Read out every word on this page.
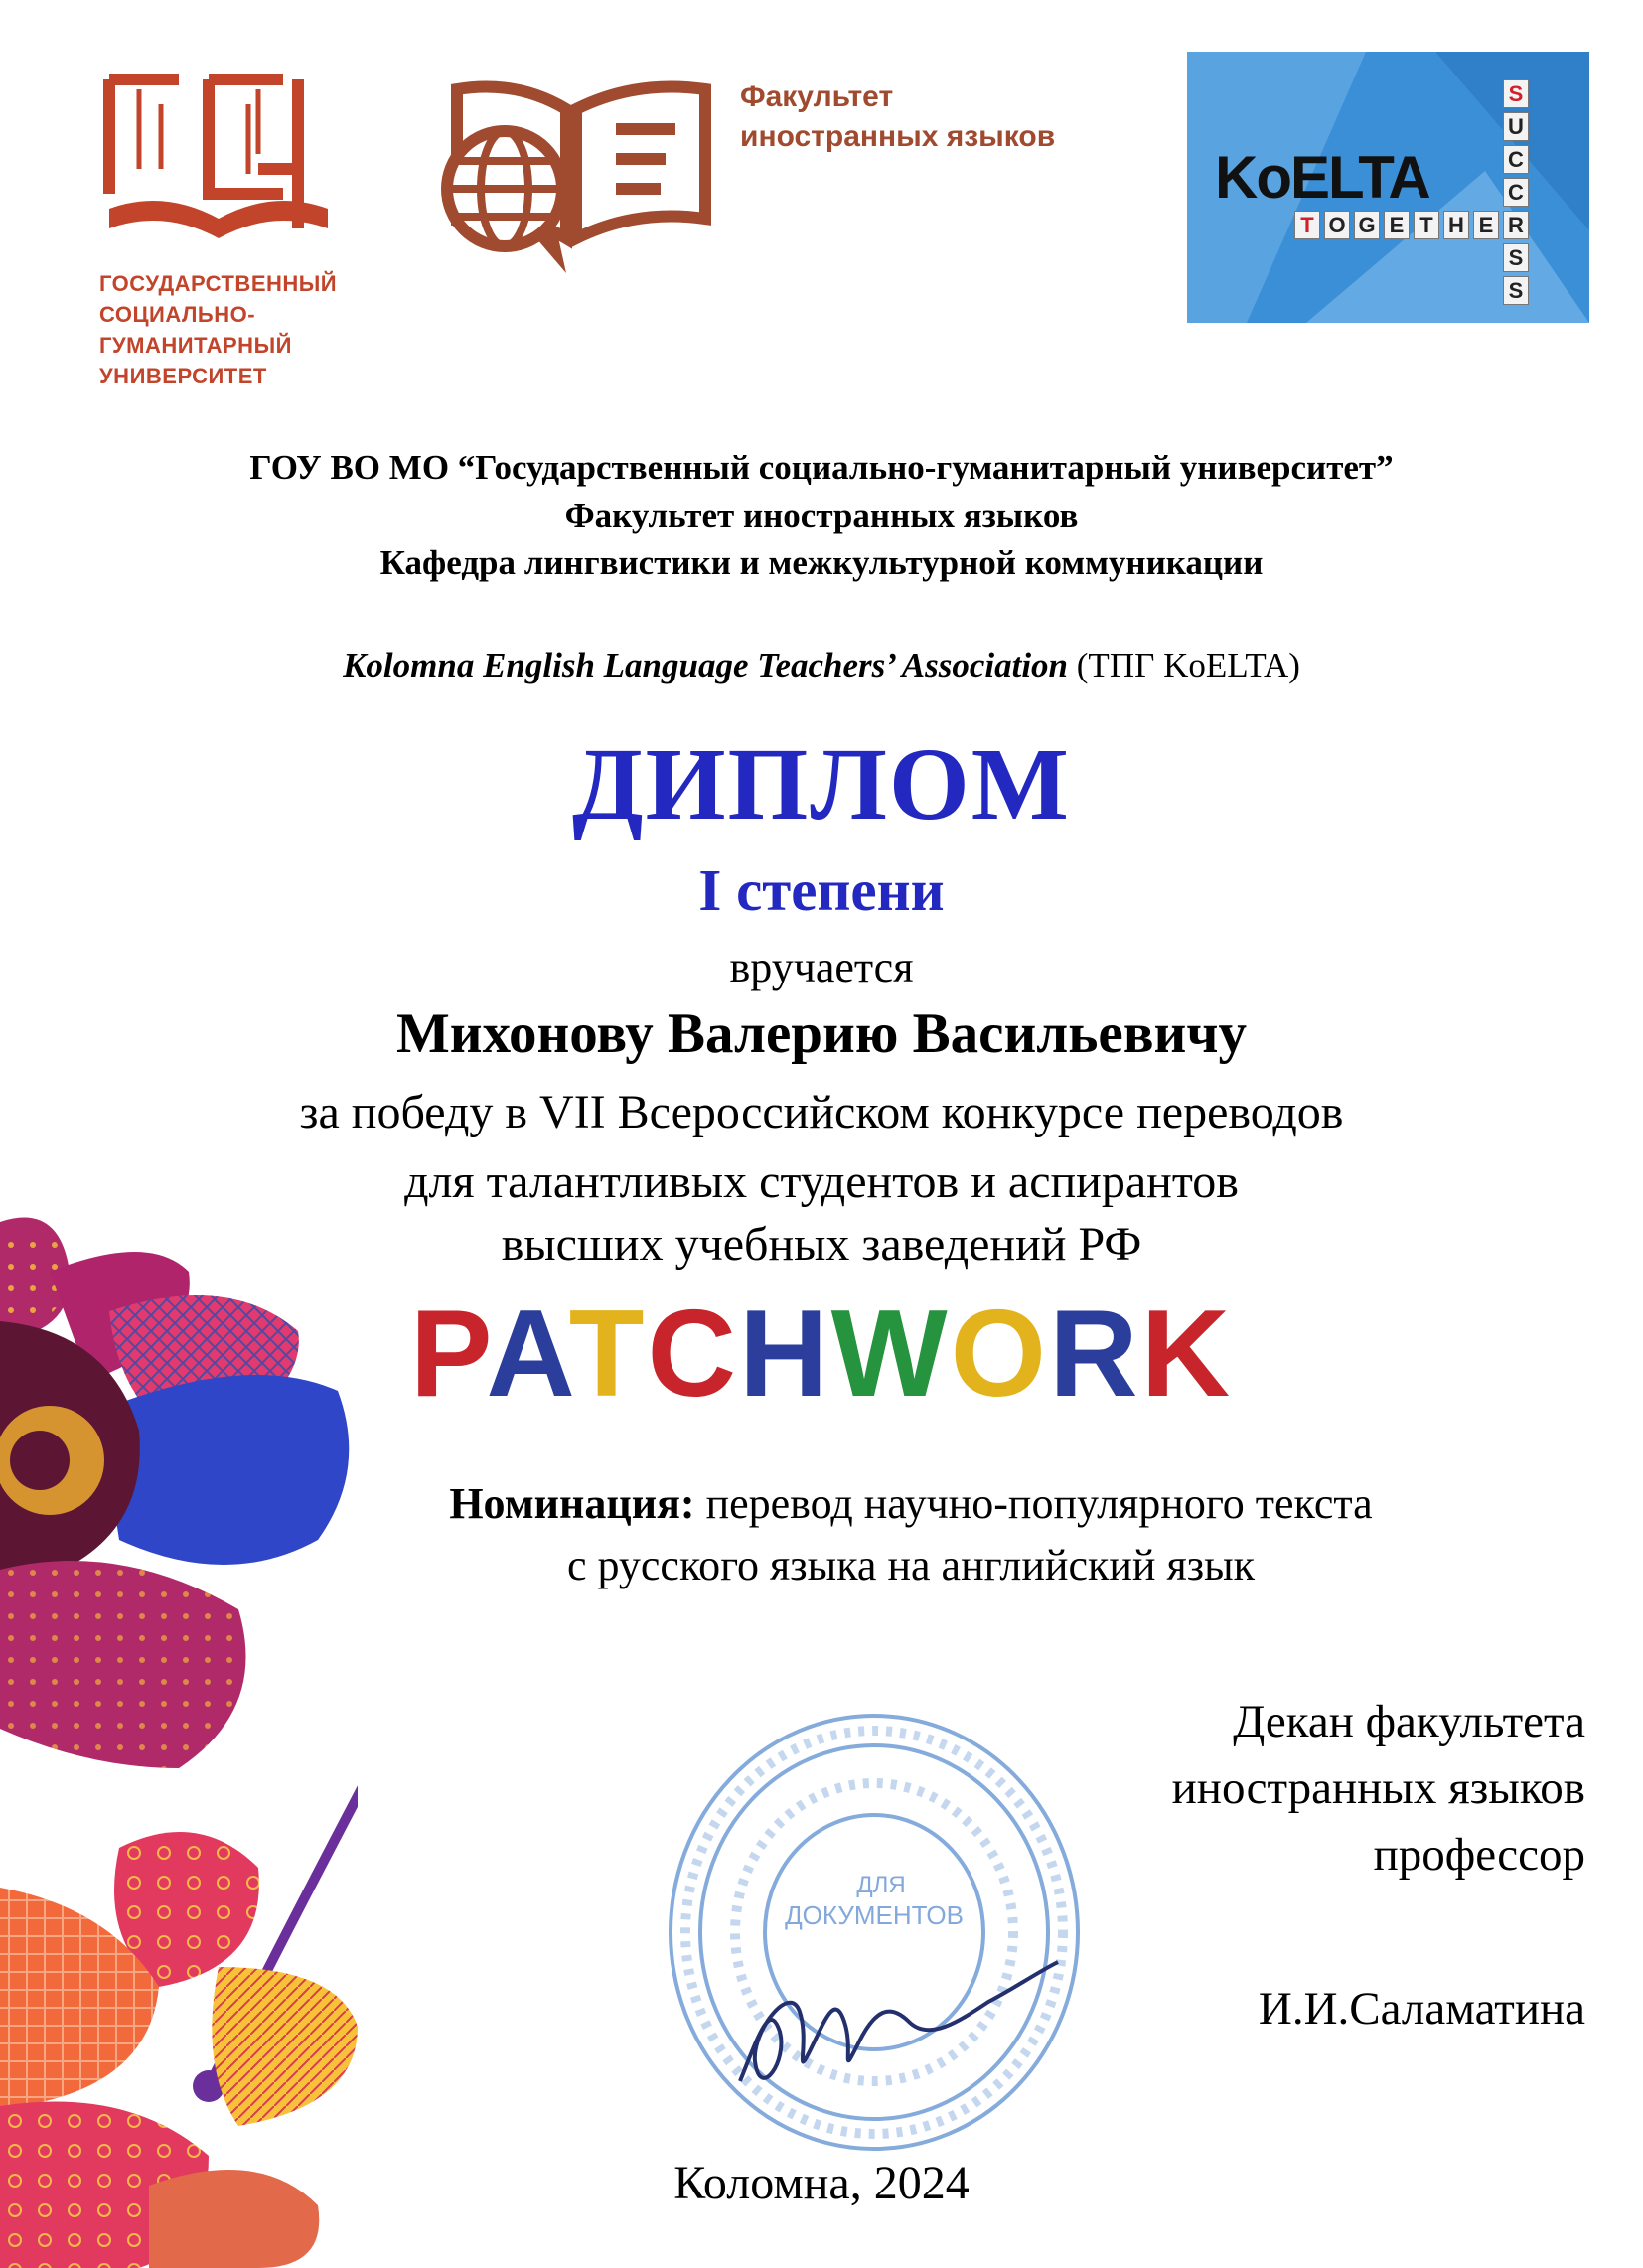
ГОСУДАРСТВЕННЫЙ
СОЦИАЛЬНО-
ГУМАНИТАРНЫЙ
УНИВЕРСИТЕТ
Факультет
иностранных языков
KoELTA
T O G E T H E R
S
U
C
C
S
S
ГОУ ВО МО “Государственный социально-гуманитарный университет”
Факультет иностранных языков
Кафедра лингвистики и межкультурной коммуникации
Kolomna English Language Teachers’ Association (ТПГ KoELTA)
ДИПЛОМ
I степени
вручается
Михонову Валерию Васильевичу
за победу в VII Всероссийском конкурсе переводов
для талантливых студентов и аспирантов
высших учебных заведений РФ
PATCHWORK
Номинация: перевод научно-популярного текста
с русского языка на английский язык
ДЛЯ
ДОКУМЕНТОВ
Декан факультета
иностранных языков
профессор
И.И.Саламатина
Коломна, 2024
